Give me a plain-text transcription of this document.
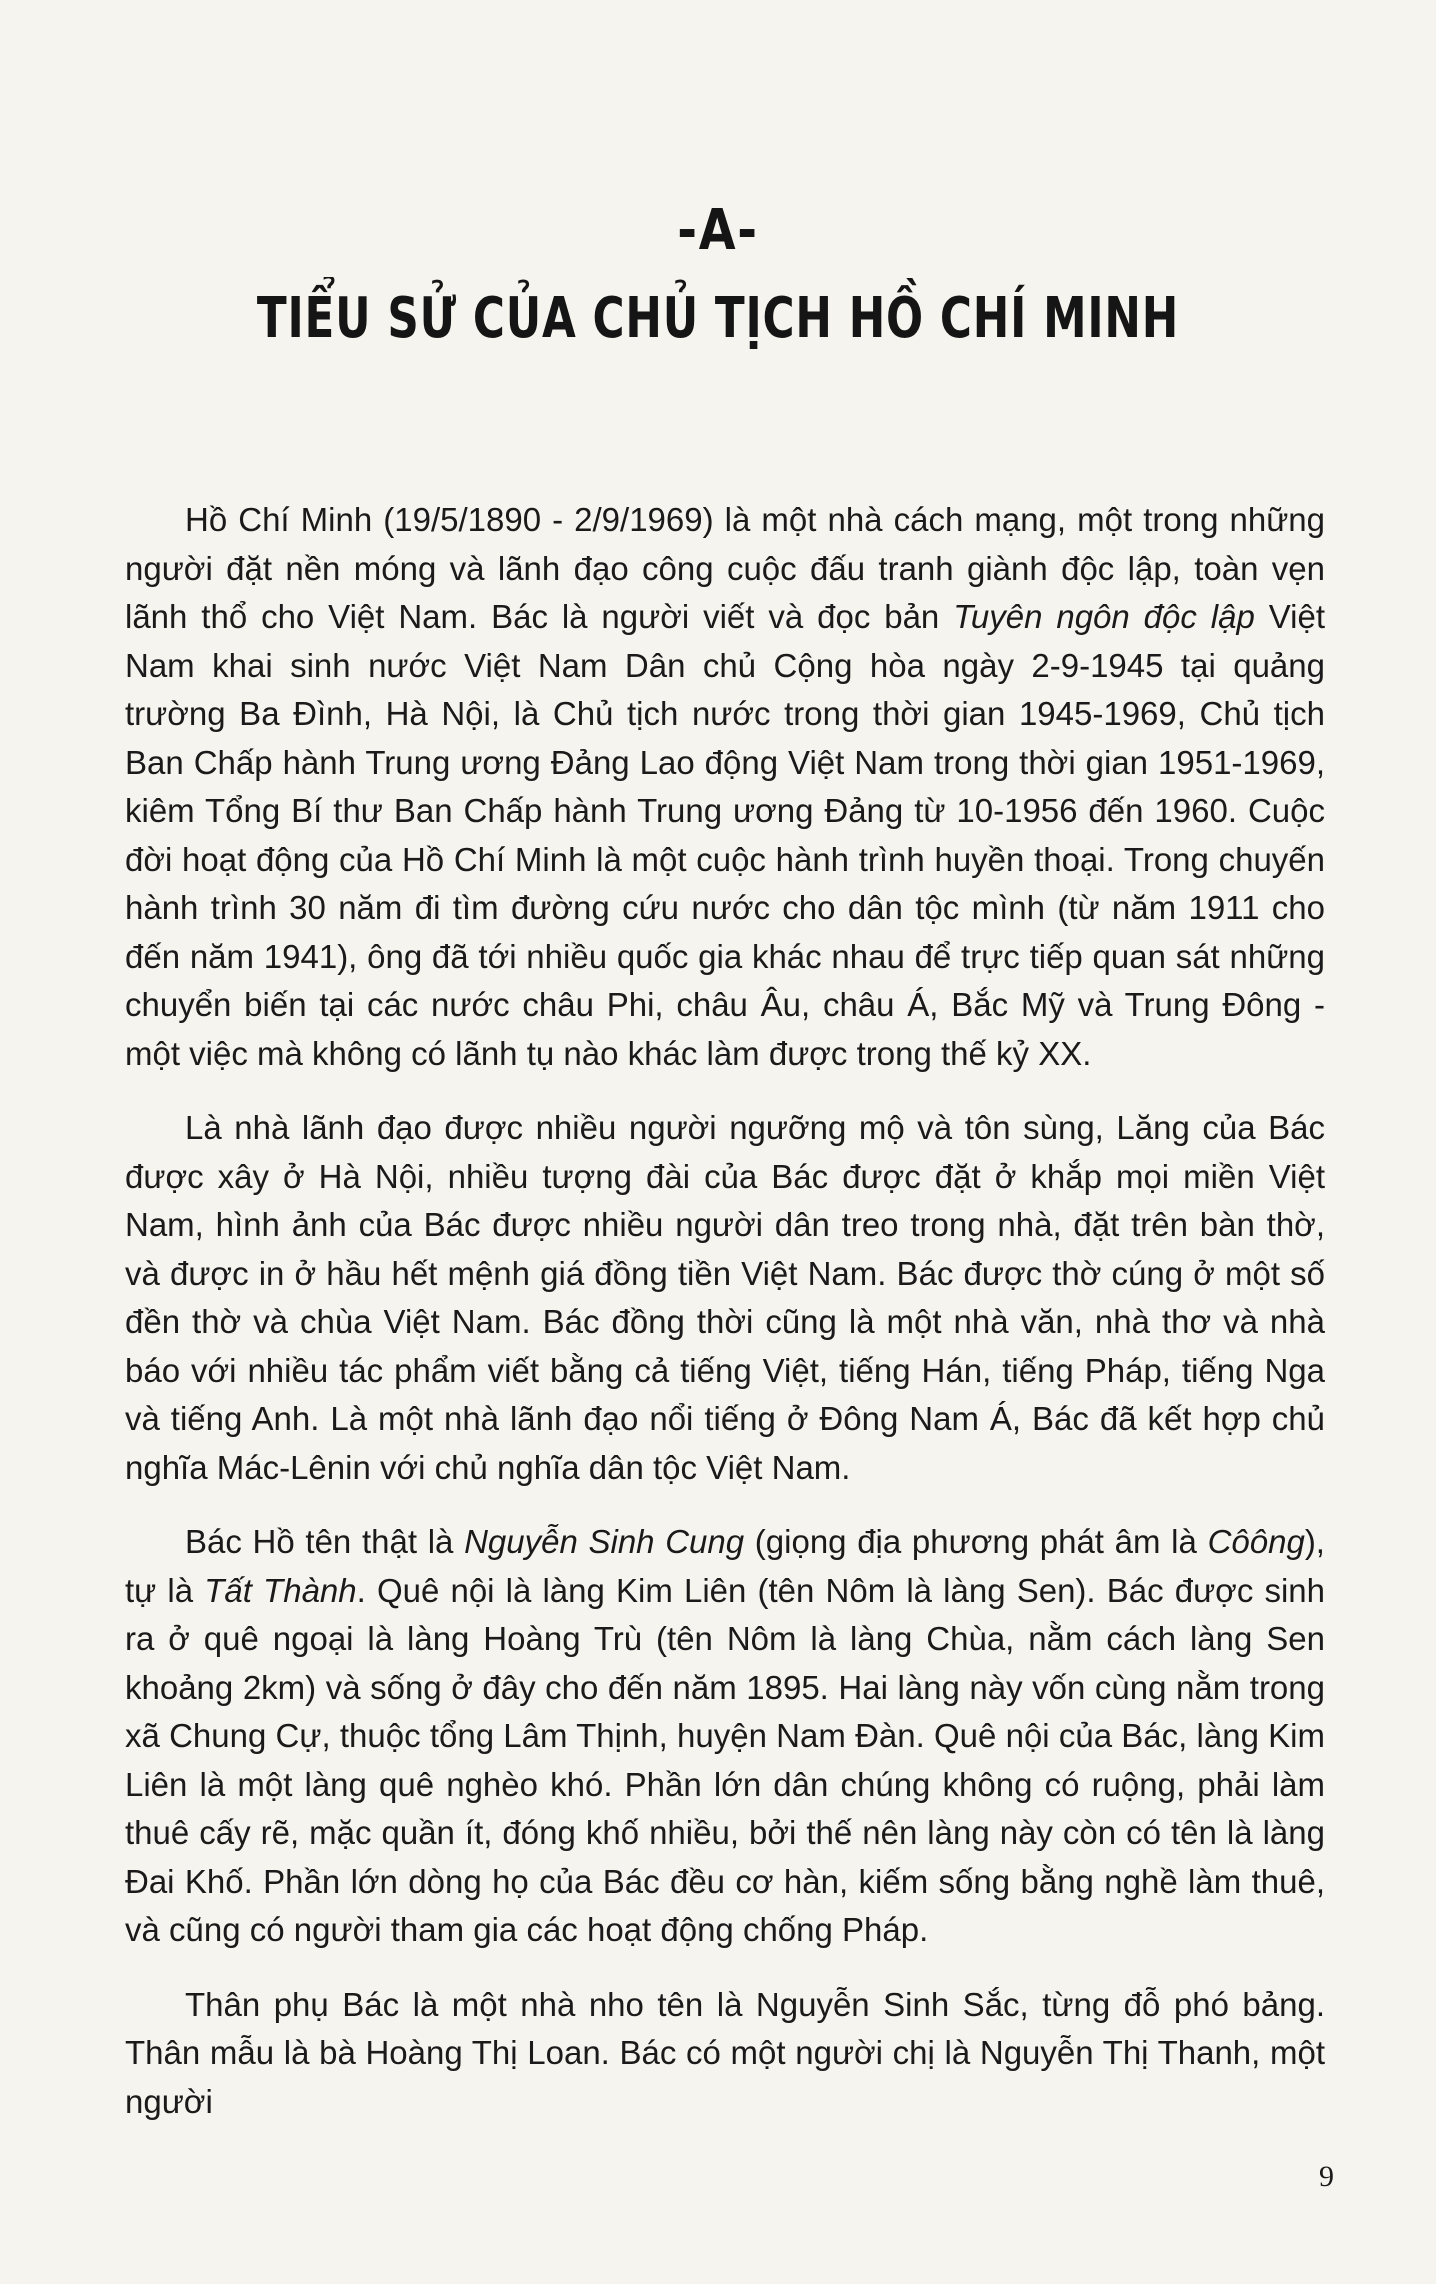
-A-
TIỂU SỬ CỦA CHỦ TỊCH HỒ CHÍ MINH

Hồ Chí Minh (19/5/1890 - 2/9/1969) là một nhà cách mạng, một trong những người đặt nền móng và lãnh đạo công cuộc đấu tranh giành độc lập, toàn vẹn lãnh thổ cho Việt Nam. Bác là người viết và đọc bản Tuyên ngôn độc lập Việt Nam khai sinh nước Việt Nam Dân chủ Cộng hòa ngày 2-9-1945 tại quảng trường Ba Đình, Hà Nội, là Chủ tịch nước trong thời gian 1945-1969, Chủ tịch Ban Chấp hành Trung ương Đảng Lao động Việt Nam trong thời gian 1951-1969, kiêm Tổng Bí thư Ban Chấp hành Trung ương Đảng từ 10-1956 đến 1960. Cuộc đời hoạt động của Hồ Chí Minh là một cuộc hành trình huyền thoại. Trong chuyến hành trình 30 năm đi tìm đường cứu nước cho dân tộc mình (từ năm 1911 cho đến năm 1941), ông đã tới nhiều quốc gia khác nhau để trực tiếp quan sát những chuyển biến tại các nước châu Phi, châu Âu, châu Á, Bắc Mỹ và Trung Đông - một việc mà không có lãnh tụ nào khác làm được trong thế kỷ XX.

Là nhà lãnh đạo được nhiều người ngưỡng mộ và tôn sùng, Lăng của Bác được xây ở Hà Nội, nhiều tượng đài của Bác được đặt ở khắp mọi miền Việt Nam, hình ảnh của Bác được nhiều người dân treo trong nhà, đặt trên bàn thờ, và được in ở hầu hết mệnh giá đồng tiền Việt Nam. Bác được thờ cúng ở một số đền thờ và chùa Việt Nam. Bác đồng thời cũng là một nhà văn, nhà thơ và nhà báo với nhiều tác phẩm viết bằng cả tiếng Việt, tiếng Hán, tiếng Pháp, tiếng Nga và tiếng Anh. Là một nhà lãnh đạo nổi tiếng ở Đông Nam Á, Bác đã kết hợp chủ nghĩa Mác-Lênin với chủ nghĩa dân tộc Việt Nam.

Bác Hồ tên thật là Nguyễn Sinh Cung (giọng địa phương phát âm là Côông), tự là Tất Thành. Quê nội là làng Kim Liên (tên Nôm là làng Sen). Bác được sinh ra ở quê ngoại là làng Hoàng Trù (tên Nôm là làng Chùa, nằm cách làng Sen khoảng 2km) và sống ở đây cho đến năm 1895. Hai làng này vốn cùng nằm trong xã Chung Cự, thuộc tổng Lâm Thịnh, huyện Nam Đàn. Quê nội của Bác, làng Kim Liên là một làng quê nghèo khó. Phần lớn dân chúng không có ruộng, phải làm thuê cấy rẽ, mặc quần ít, đóng khố nhiều, bởi thế nên làng này còn có tên là làng Đai Khố. Phần lớn dòng họ của Bác đều cơ hàn, kiếm sống bằng nghề làm thuê, và cũng có người tham gia các hoạt động chống Pháp.

Thân phụ Bác là một nhà nho tên là Nguyễn Sinh Sắc, từng đỗ phó bảng. Thân mẫu là bà Hoàng Thị Loan. Bác có một người chị là Nguyễn Thị Thanh, một người

9
